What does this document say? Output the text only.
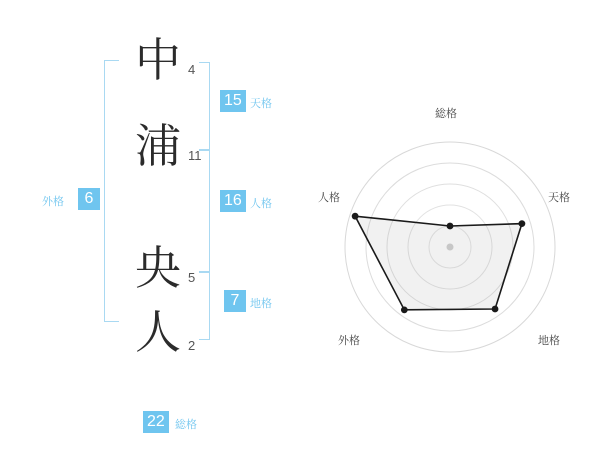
6
外格
中 4
浦 11
央 5
人 2
15 天格
16 人格
7 地格
22 総格
総格
天格
地格
外格
人格
